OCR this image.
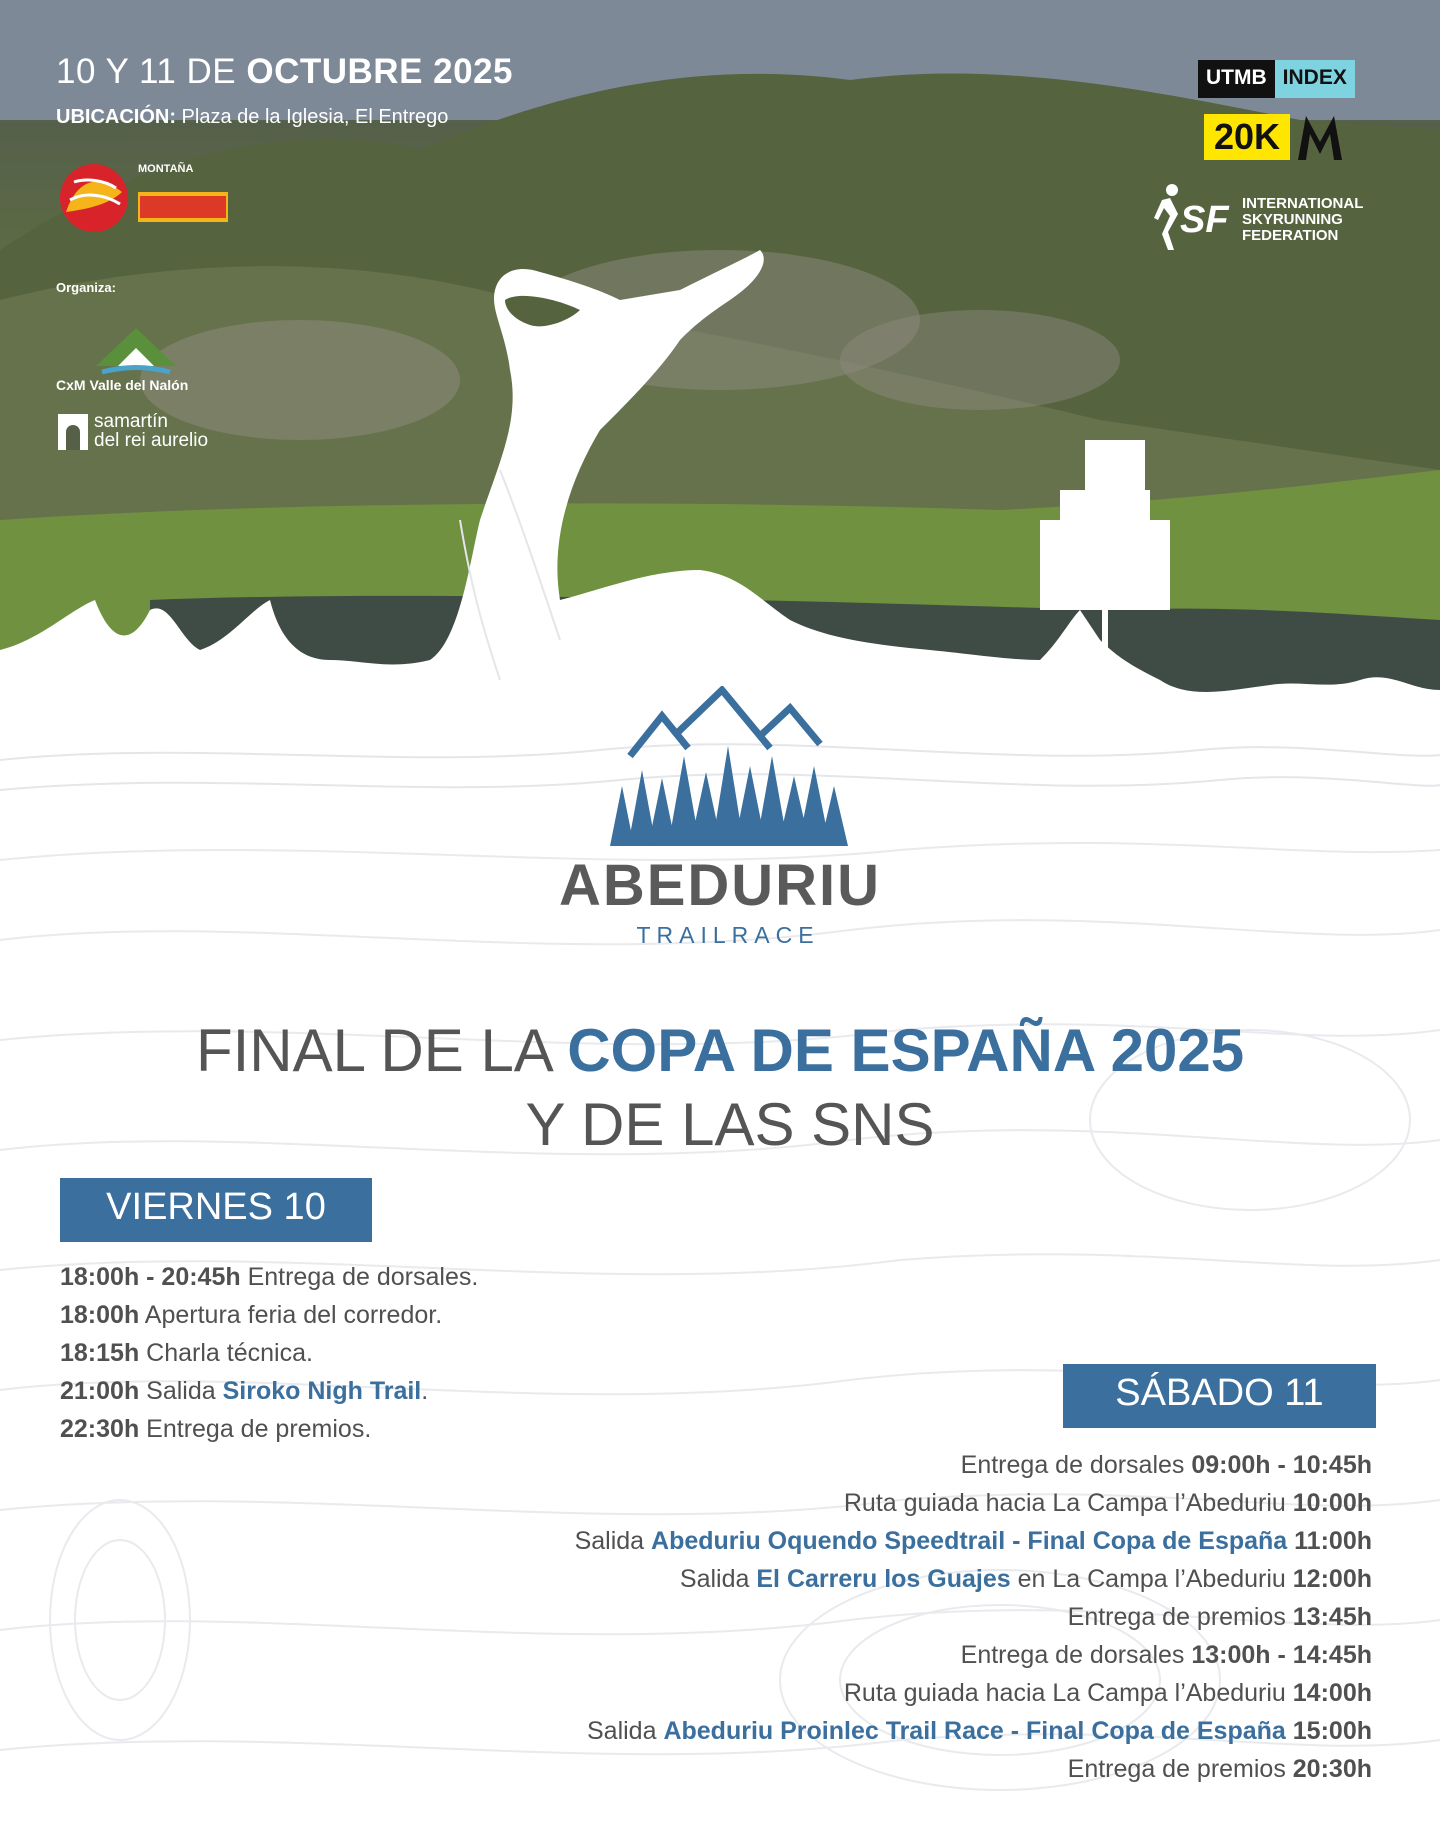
10 Y 11 DE OCTUBRE 2025
UBICACIÓN: Plaza de la Iglesia, El Entrego
MONTAÑA
Organiza:
CxM Valle del Nalón
samartín
del rei aurelio
UTMB INDEX
20K
SF INTERNATIONAL
SKYRUNNING
FEDERATION
ABEDURIU
TRAILRACE
FINAL DE LA COPA DE ESPAÑA 2025
Y DE LAS SNS
VIERNES 10
18:00h - 20:45h Entrega de dorsales.
18:00h Apertura feria del corredor.
18:15h Charla técnica.
21:00h Salida Siroko Nigh Trail.
22:30h Entrega de premios.
SÁBADO 11
Entrega de dorsales 09:00h - 10:45h
Ruta guiada hacia La Campa l’Abeduriu 10:00h
Salida Abeduriu Oquendo Speedtrail - Final Copa de España 11:00h
Salida El Carreru los Guajes en La Campa l’Abeduriu 12:00h
Entrega de premios 13:45h
Entrega de dorsales 13:00h - 14:45h
Ruta guiada hacia La Campa l’Abeduriu 14:00h
Salida Abeduriu Proinlec Trail Race - Final Copa de España 15:00h
Entrega de premios 20:30h
